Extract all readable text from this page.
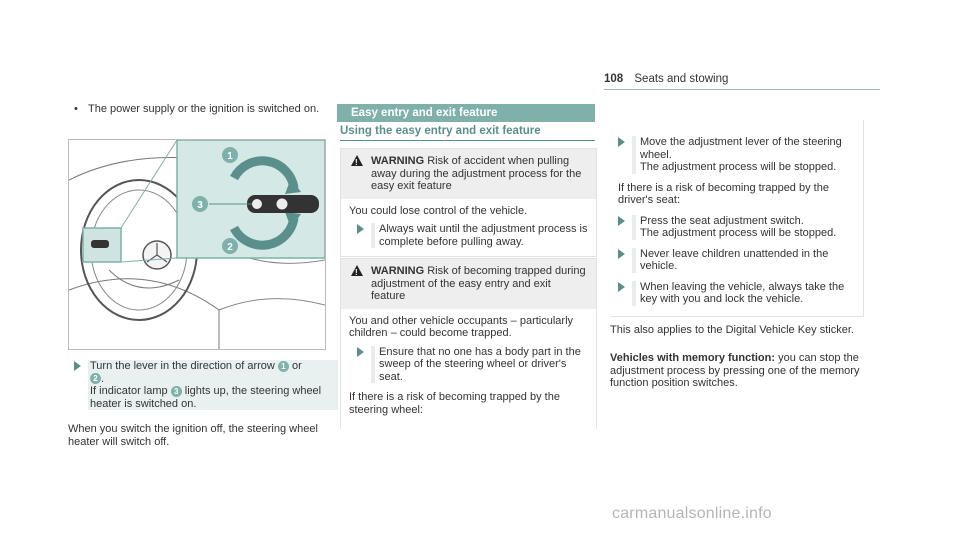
108 Seats and stowing
• The power supply or the ignition is switched on.
1
3
2
Turn the lever in the direction of arrow 1 or
2 .
If indicator lamp 3 lights up, the steering wheel heater is switched on.
When you switch the ignition off, the steering wheel heater will switch off.
Easy entry and exit feature
Using the easy entry and exit feature
!
WARNING Risk of accident when pulling away during the adjustment process for the easy exit feature
You could lose control of the vehicle.
Always wait until the adjustment process is complete before pulling away.
!
WARNING Risk of becoming trapped during adjustment of the easy entry and exit feature
You and other vehicle occupants – particularly children – could become trapped.
Ensure that no one has a body part in the sweep of the steering wheel or driver's seat.
If there is a risk of becoming trapped by the steering wheel:
Move the adjustment lever of the steering wheel.
The adjustment process will be stopped.
If there is a risk of becoming trapped by the driver's seat:
Press the seat adjustment switch.
The adjustment process will be stopped.
Never leave children unattended in the vehicle.
When leaving the vehicle, always take the key with you and lock the vehicle.
This also applies to the Digital Vehicle Key sticker.
Vehicles with memory function: you can stop the adjustment process by pressing one of the memory function position switches.
carmanualsonline.info
